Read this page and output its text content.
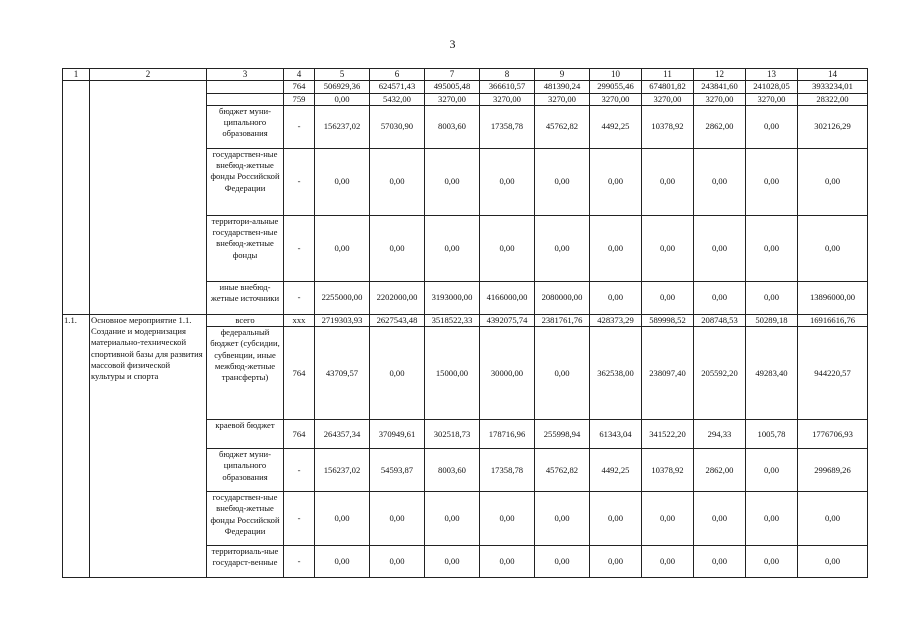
3
1	2	3	4	5	6	7	8	9	10	11	12	13	14
			764	506929,36	624571,43	495005,48	366610,57	481390,24	299055,46	674801,82	243841,60	241028,05	3933234,01
			759	0,00	5432,00	3270,00	3270,00	3270,00	3270,00	3270,00	3270,00	3270,00	28322,00
		бюджет муни-ципального образования	-	156237,02	57030,90	8003,60	17358,78	45762,82	4492,25	10378,92	2862,00	0,00	302126,29
		государствен-ные внебюд-жетные фонды Российской Федерации	-	0,00	0,00	0,00	0,00	0,00	0,00	0,00	0,00	0,00	0,00
		территори-альные государствен-ные внебюд-жетные фонды	-	0,00	0,00	0,00	0,00	0,00	0,00	0,00	0,00	0,00	0,00
		иные внебюд-жетные источники	-	2255000,00	2202000,00	3193000,00	4166000,00	2080000,00	0,00	0,00	0,00	0,00	13896000,00
1.1.	Основное мероприятие 1.1. Создание и модернизация материально-технической спортивной базы для развития массовой физической культуры и спорта	всего	ххх	2719303,93	2627543,48	3518522,33	4392075,74	2381761,76	428373,29	589998,52	208748,53	50289,18	16916616,76
		федеральный бюджет (субсидии, субвенции, иные межбюд-жетные трансферты)	764	43709,57	0,00	15000,00	30000,00	0,00	362538,00	238097,40	205592,20	49283,40	944220,57
		краевой бюджет	764	264357,34	370949,61	302518,73	178716,96	255998,94	61343,04	341522,20	294,33	1005,78	1776706,93
		бюджет муни-ципального образования	-	156237,02	54593,87	8003,60	17358,78	45762,82	4492,25	10378,92	2862,00	0,00	299689,26
		государствен-ные внебюд-жетные фонды Российской Федерации	-	0,00	0,00	0,00	0,00	0,00	0,00	0,00	0,00	0,00	0,00
		территориаль-ные государст-венные	-	0,00	0,00	0,00	0,00	0,00	0,00	0,00	0,00	0,00	0,00
